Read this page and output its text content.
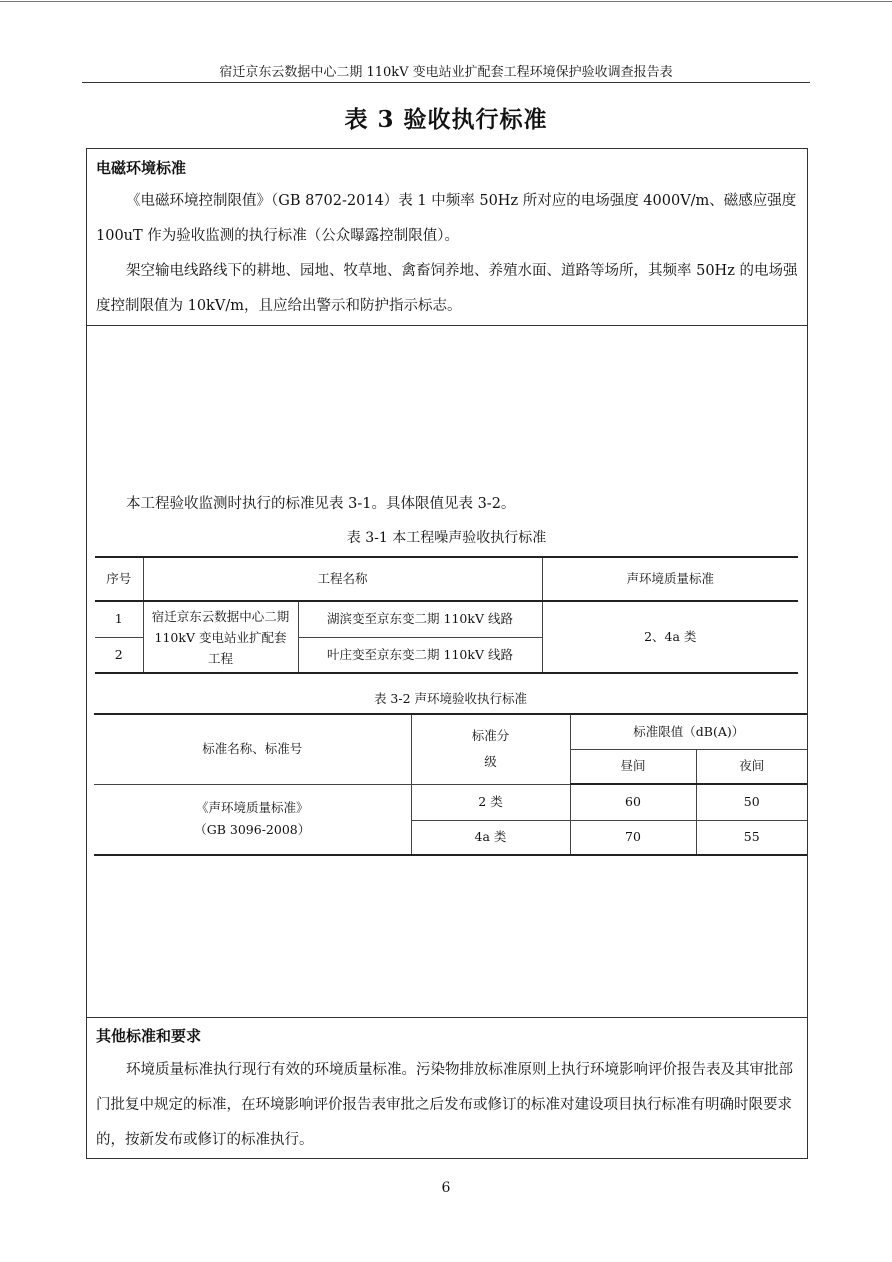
宿迁京东云数据中心二期 110kV 变电站业扩配套工程环境保护验收调查报告表
表 3 验收执行标准
电磁环境标准
《电磁环境控制限值》（GB 8702-2014）表 1 中频率 50Hz 所对应的电场强度 4000V/m、磁感应强度 100uT 作为验收监测的执行标准（公众曝露控制限值）。
架空输电线路线下的耕地、园地、牧草地、禽畜饲养地、养殖水面、道路等场所，其频率 50Hz 的电场强度控制限值为 10kV/m，且应给出警示和防护指示标志。
本工程验收监测时执行的标准见表 3-1。具体限值见表 3-2。
表 3-1 本工程噪声验收执行标准
序号	工程名称		声环境质量标准
1	宿迁京东云数据中心二期 110kV 变电站业扩配套工程	湖滨变至京东变二期 110kV 线路	2、4a 类
2		叶庄变至京东变二期 110kV 线路	
表 3-2 声环境验收执行标准
标准名称、标准号	标准分级	标准限值（dB(A)）	
		昼间	夜间

《声环境质量标准》
（GB 3096-2008）	2 类	60	50
	4a 类	70	55
其他标准和要求
环境质量标准执行现行有效的环境质量标准。污染物排放标准原则上执行环境影响评价报告表及其审批部门批复中规定的标准，在环境影响评价报告表审批之后发布或修订的标准对建设项目执行标准有明确时限要求的，按新发布或修订的标准执行。
6
